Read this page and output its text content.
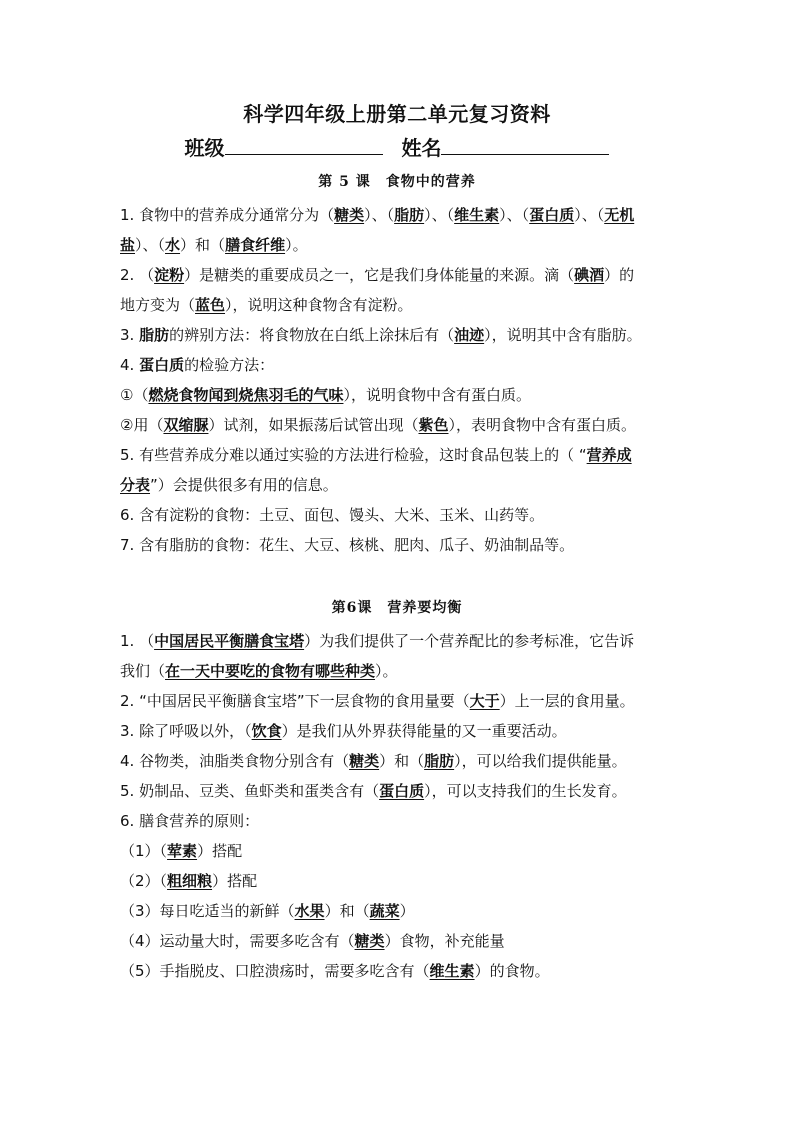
科学四年级上册第二单元复习资料
班级	姓名
第 5 课　食物中的营养
1. 食物中的营养成分通常分为（糖类）、（脂肪）、（维生素）、（蛋白质）、（无机
盐）、（水）和（膳食纤维）。
2. （淀粉）是糖类的重要成员之一，它是我们身体能量的来源。滴（碘酒）的
地方变为（蓝色），说明这种食物含有淀粉。
3. 脂肪的辨别方法：将食物放在白纸上涂抹后有（油迹），说明其中含有脂肪。
4. 蛋白质的检验方法：
①（燃烧食物闻到烧焦羽毛的气味），说明食物中含有蛋白质。
②用（双缩脲）试剂，如果振荡后试管出现（紫色），表明食物中含有蛋白质。
5. 有些营养成分难以通过实验的方法进行检验，这时食品包装上的（ “营养成
分表”）会提供很多有用的信息。
6. 含有淀粉的食物：土豆、面包、馒头、大米、玉米、山药等。
7. 含有脂肪的食物：花生、大豆、核桃、肥肉、瓜子、奶油制品等。
第6课　营养要均衡
1. （中国居民平衡膳食宝塔）为我们提供了一个营养配比的参考标准，它告诉
我们（在一天中要吃的食物有哪些种类）。
2. “中国居民平衡膳食宝塔”下一层食物的食用量要（大于）上一层的食用量。
3. 除了呼吸以外，（饮食）是我们从外界获得能量的又一重要活动。
4. 谷物类，油脂类食物分别含有（糖类）和（脂肪），可以给我们提供能量。
5. 奶制品、豆类、鱼虾类和蛋类含有（蛋白质），可以支持我们的生长发育。
6. 膳食营养的原则：
（1）（荤素）搭配
（2）（粗细粮）搭配
（3）每日吃适当的新鲜（水果）和（蔬菜）
（4）运动量大时，需要多吃含有（糖类）食物，补充能量
（5）手指脱皮、口腔溃疡时，需要多吃含有（维生素）的食物。
